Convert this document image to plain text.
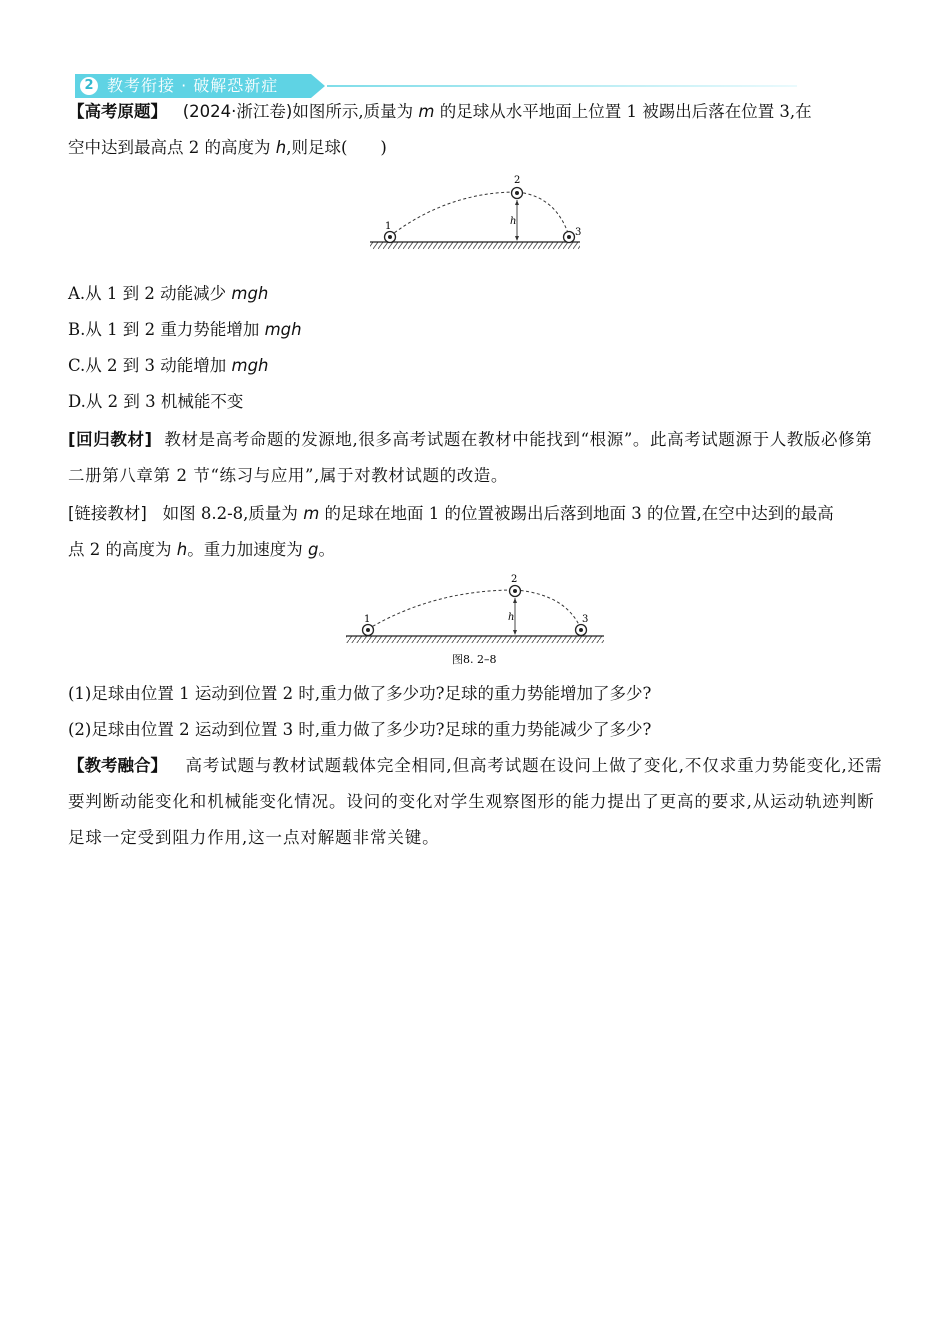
2 教考衔接 · 破解恐新症
【高考原题】 (2024·浙江卷)如图所示,质量为 m 的足球从水平地面上位置 1 被踢出后落在位置 3,在
空中达到最高点 2 的高度为 h,则足球(　　)
1
2
3
h
A.从 1 到 2 动能减少 mgh
B.从 1 到 2 重力势能增加 mgh
C.从 2 到 3 动能增加 mgh
D.从 2 到 3 机械能不变
[回归教材] 教材是高考命题的发源地,很多高考试题在教材中能找到“根源”。此高考试题源于人教版必修第二册第八章第 2 节“练习与应用”,属于对教材试题的改造。
[链接教材] 如图 8.2-8,质量为 m 的足球在地面 1 的位置被踢出后落到地面 3 的位置,在空中达到的最高
点 2 的高度为 h。重力加速度为 g。
1
2
3
h
图8. 2–8
(1)足球由位置 1 运动到位置 2 时,重力做了多少功?足球的重力势能增加了多少?
(2)足球由位置 2 运动到位置 3 时,重力做了多少功?足球的重力势能减少了多少?
【教考融合】 高考试题与教材试题载体完全相同,但高考试题在设问上做了变化,不仅求重力势能变化,还需要判断动能变化和机械能变化情况。设问的变化对学生观察图形的能力提出了更高的要求,从运动轨迹判断足球一定受到阻力作用,这一点对解题非常关键。
